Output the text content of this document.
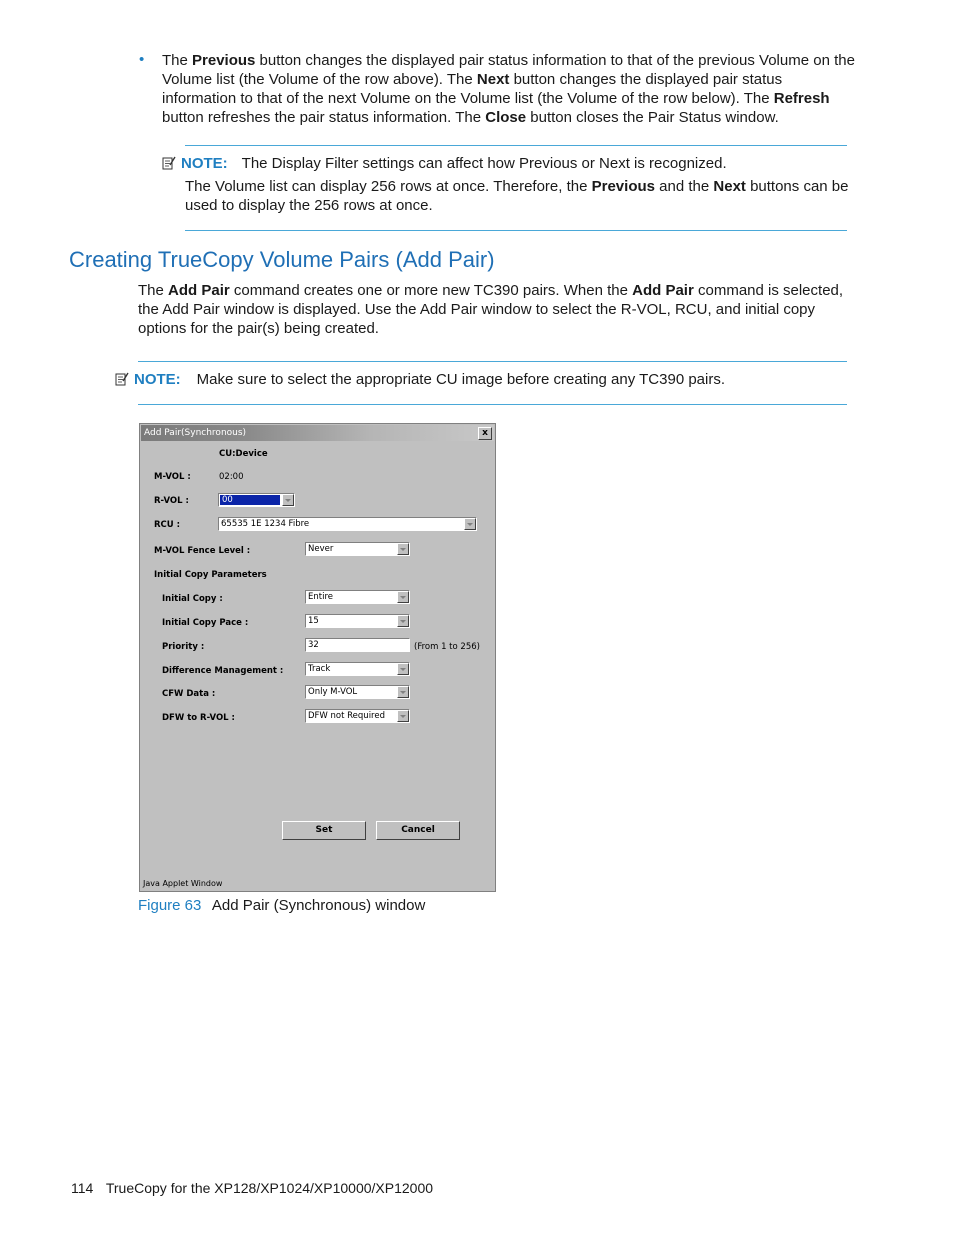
• The Previous button changes the displayed pair status information to that of the previous Volume on the
Volume list (the Volume of the row above). The Next button changes the displayed pair status
information to that of the next Volume on the Volume list (the Volume of the row below). The Refresh
button refreshes the pair status information. The Close button closes the Pair Status window.
NOTE: The Display Filter settings can affect how Previous or Next is recognized.
The Volume list can display 256 rows at once. Therefore, the Previous and the Next buttons can be
used to display the 256 rows at once.
Creating TrueCopy Volume Pairs (Add Pair)
The Add Pair command creates one or more new TC390 pairs. When the Add Pair command is selected,
the Add Pair window is displayed. Use the Add Pair window to select the R-VOL, RCU, and initial copy
options for the pair(s) being created.
NOTE: Make sure to select the appropriate CU image before creating any TC390 pairs.
Add Pair(Synchronous)	x
CU:Device
M-VOL :	02:00
R-VOL :	00
RCU :	65535 1E 1234 Fibre
M-VOL Fence Level :	Never
Initial Copy Parameters
Initial Copy :	Entire
Initial Copy Pace :	15
Priority :	32	(From 1 to 256)
Difference Management :	Track
CFW Data :	Only M-VOL
DFW to R-VOL :	DFW not Required
Set	Cancel
Java Applet Window
Figure 63 Add Pair (Synchronous) window
114 TrueCopy for the XP128/XP1024/XP10000/XP12000
